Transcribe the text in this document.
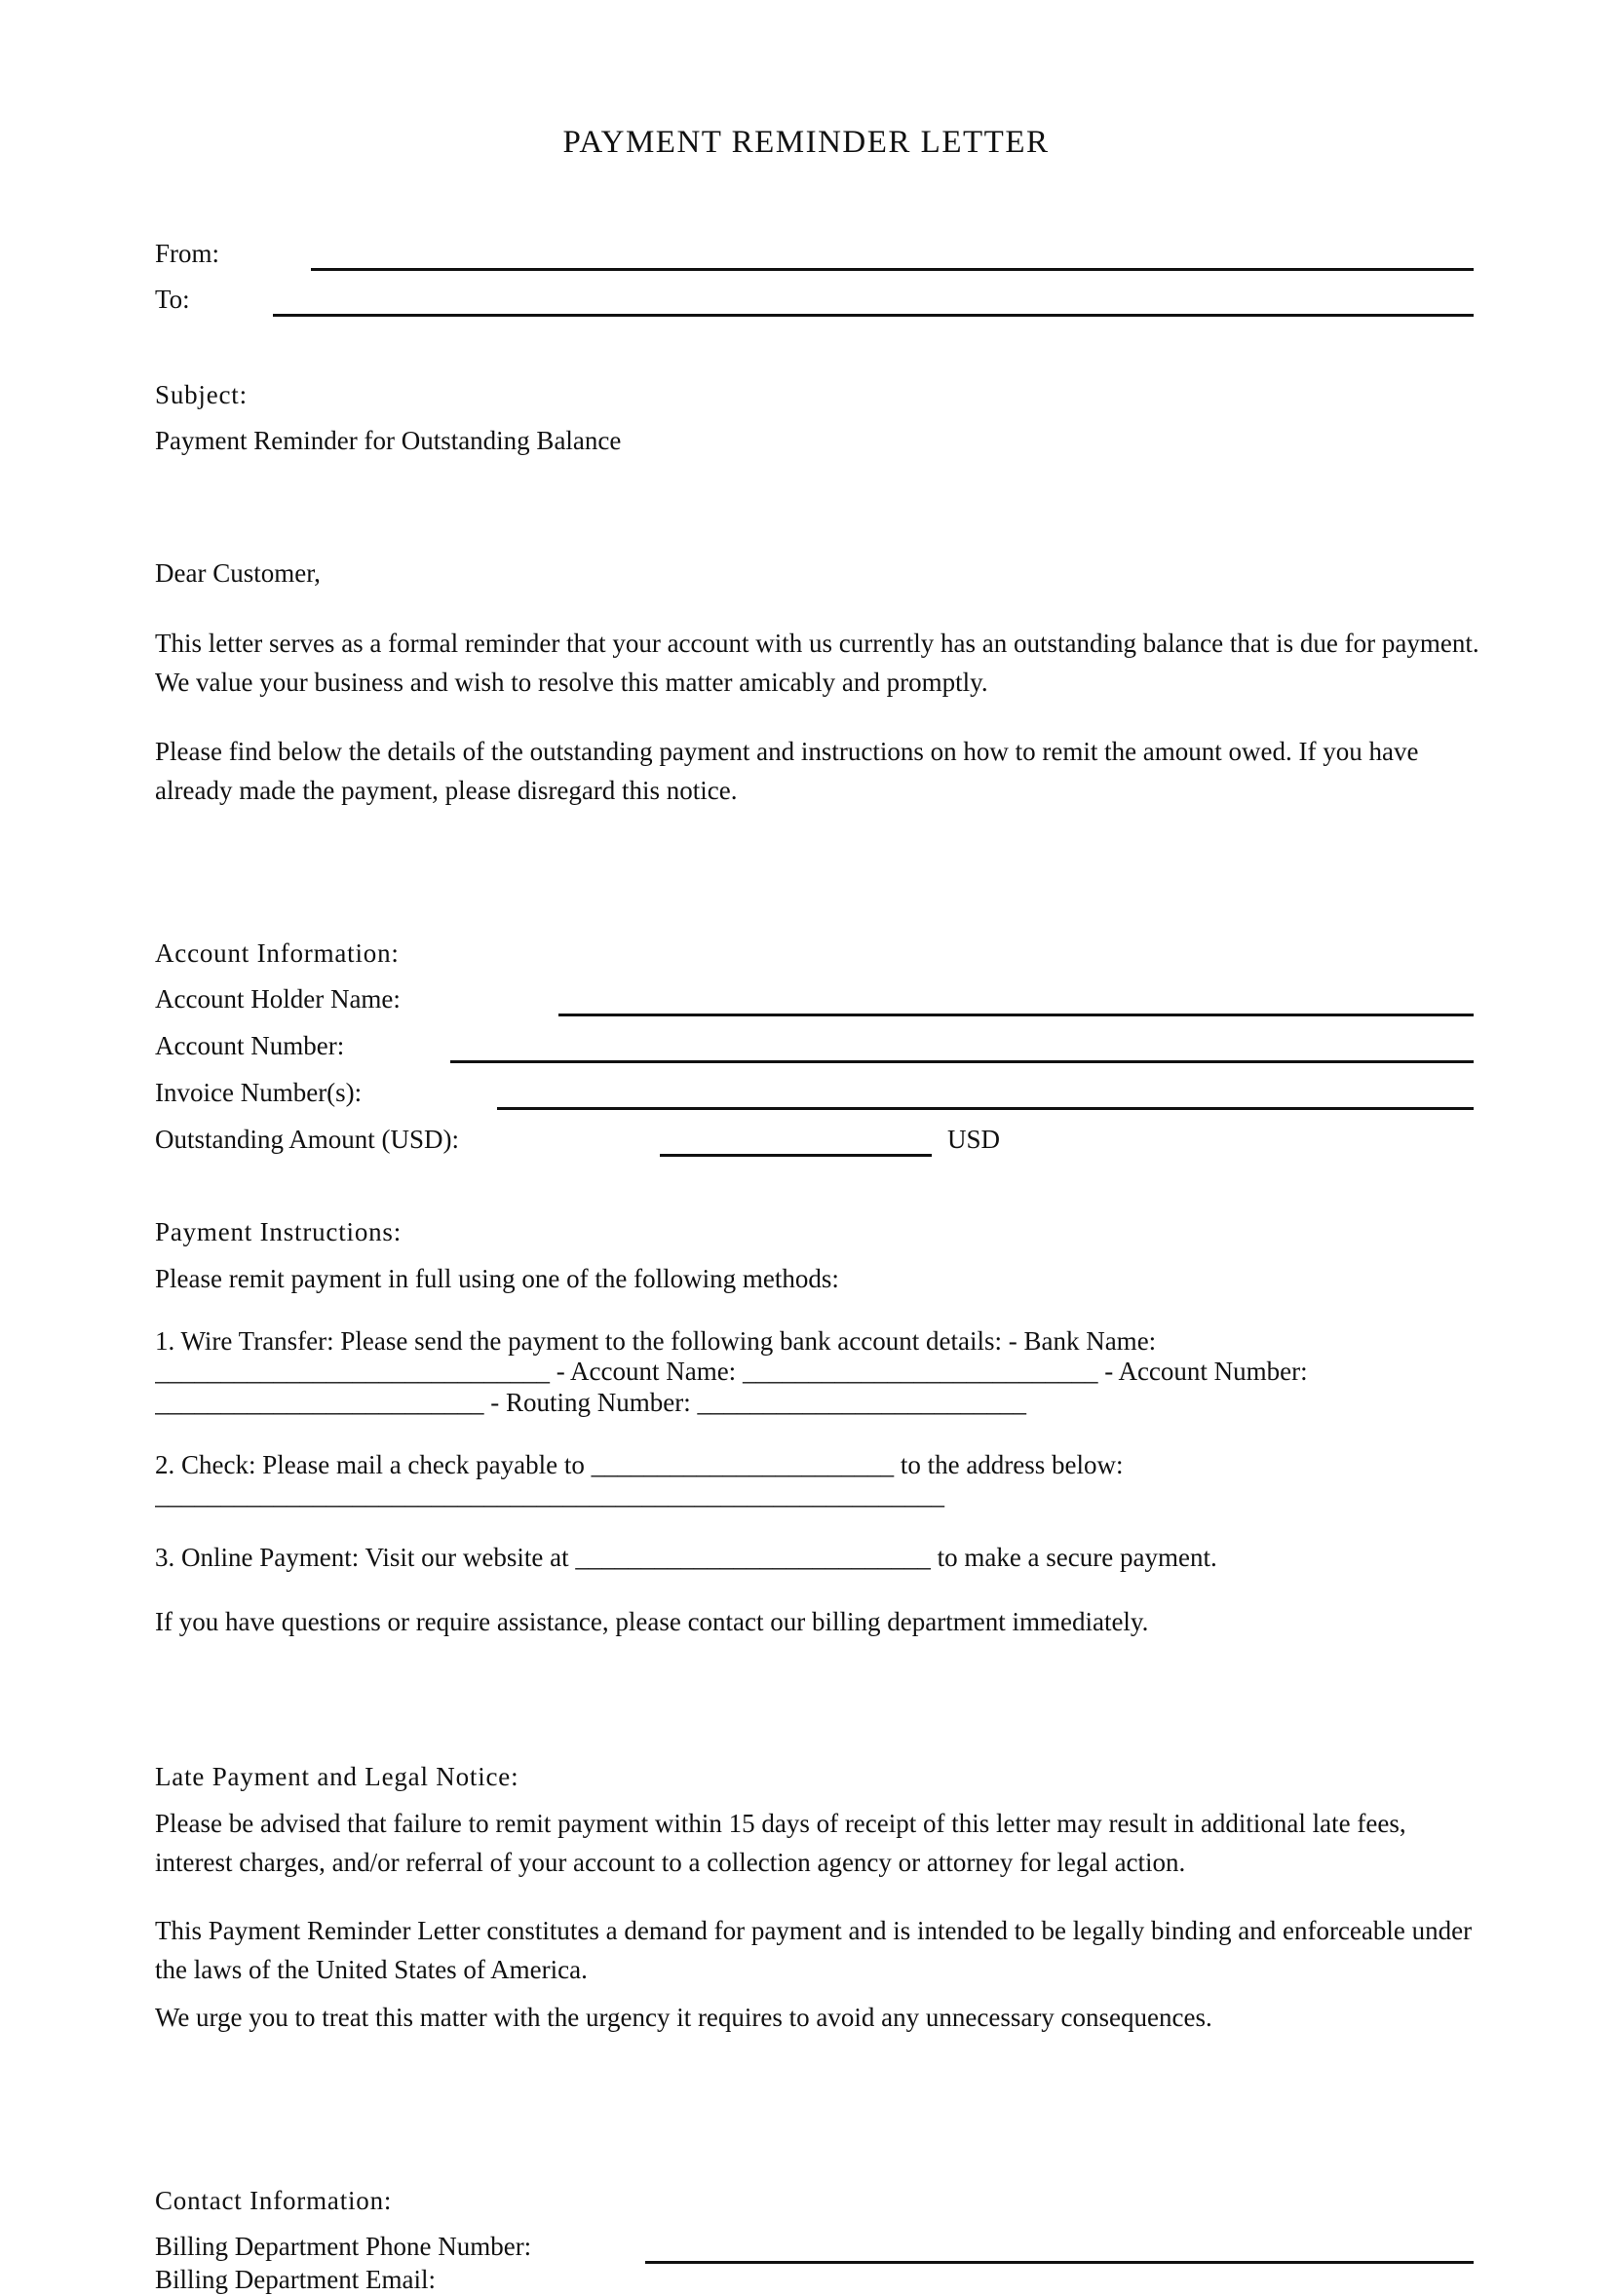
PAYMENT REMINDER LETTER
From:
To:
Subject:
Payment Reminder for Outstanding Balance
Dear Customer,
This letter serves as a formal reminder that your account with us currently has an outstanding balance that is due for payment. We value your business and wish to resolve this matter amicably and promptly.
Please find below the details of the outstanding payment and instructions on how to remit the amount owed. If you have already made the payment, please disregard this notice.
Account Information:
Account Holder Name:
Account Number:
Invoice Number(s):
Outstanding Amount (USD):	USD
Payment Instructions:
Please remit payment in full using one of the following methods:
1. Wire Transfer: Please send the payment to the following bank account details: - Bank Name:
______________________________ - Account Name: ___________________________ - Account Number:
_________________________ - Routing Number: _________________________
2. Check: Please mail a check payable to _______________________ to the address below:
____________________________________________________________
3. Online Payment: Visit our website at ___________________________ to make a secure payment.
If you have questions or require assistance, please contact our billing department immediately.
Late Payment and Legal Notice:
Please be advised that failure to remit payment within 15 days of receipt of this letter may result in additional late fees, interest charges, and/or referral of your account to a collection agency or attorney for legal action.
This Payment Reminder Letter constitutes a demand for payment and is intended to be legally binding and enforceable under the laws of the United States of America.
We urge you to treat this matter with the urgency it requires to avoid any unnecessary consequences.
Contact Information:
Billing Department Phone Number:
Billing Department Email:
